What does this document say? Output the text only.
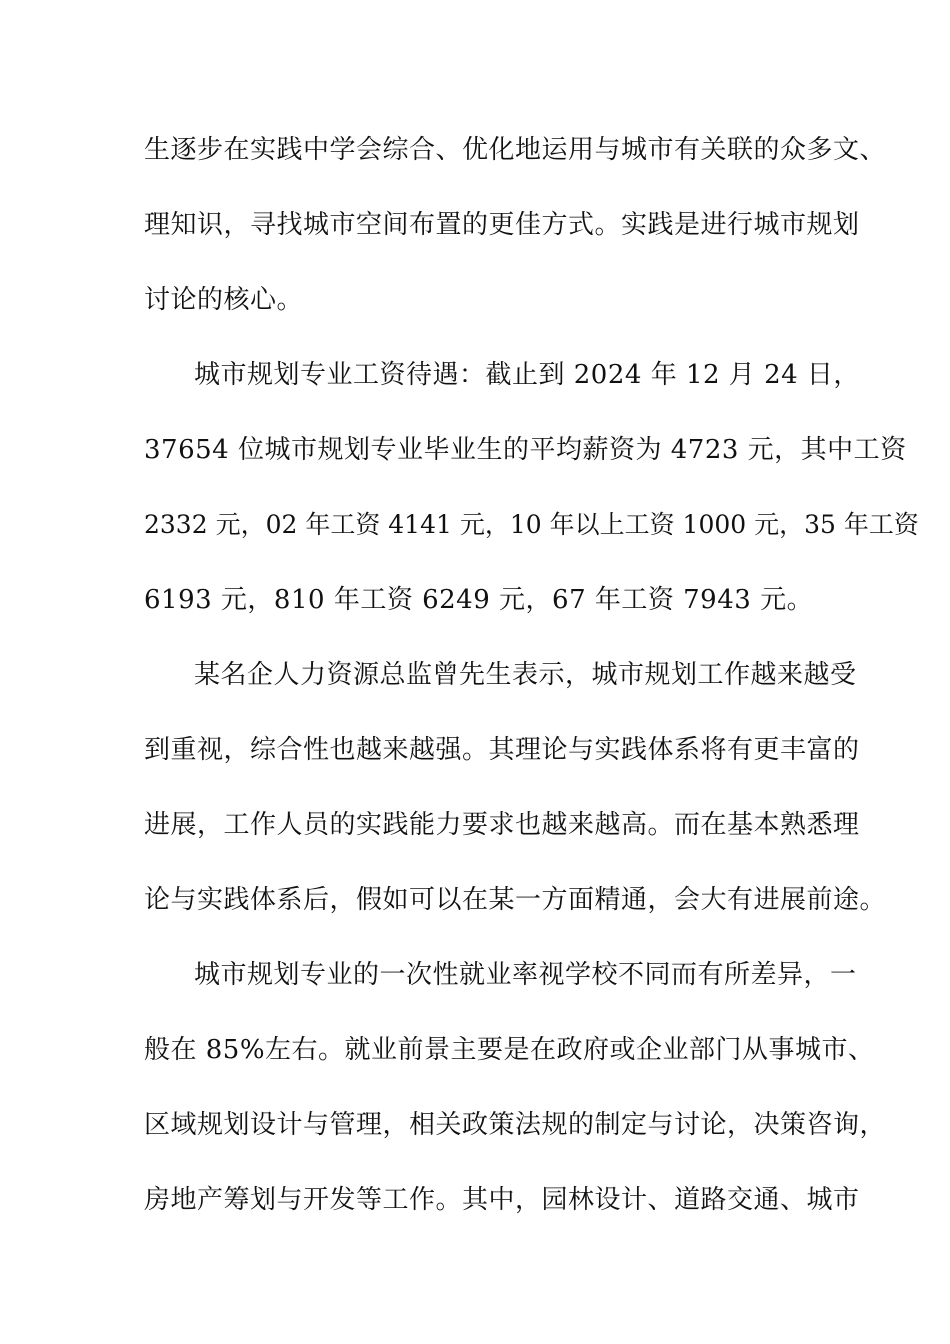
生逐步在实践中学会综合、优化地运用与城市有关联的众多文、
理知识，寻找城市空间布置的更佳方式。实践是进行城市规划
讨论的核心。
城市规划专业工资待遇：截止到 2024 年 12 月 24 日，
37654 位城市规划专业毕业生的平均薪资为 4723 元，其中工资
2332 元，02 年工资 4141 元，10 年以上工资 1000 元，35 年工资
6193 元，810 年工资 6249 元，67 年工资 7943 元。
某名企人力资源总监曾先生表示，城市规划工作越来越受
到重视，综合性也越来越强。其理论与实践体系将有更丰富的
进展，工作人员的实践能力要求也越来越高。而在基本熟悉理
论与实践体系后，假如可以在某一方面精通，会大有进展前途。
城市规划专业的一次性就业率视学校不同而有所差异，一
般在 85%左右。就业前景主要是在政府或企业部门从事城市、
区域规划设计与管理，相关政策法规的制定与讨论，决策咨询，
房地产筹划与开发等工作。其中，园林设计、道路交通、城市
